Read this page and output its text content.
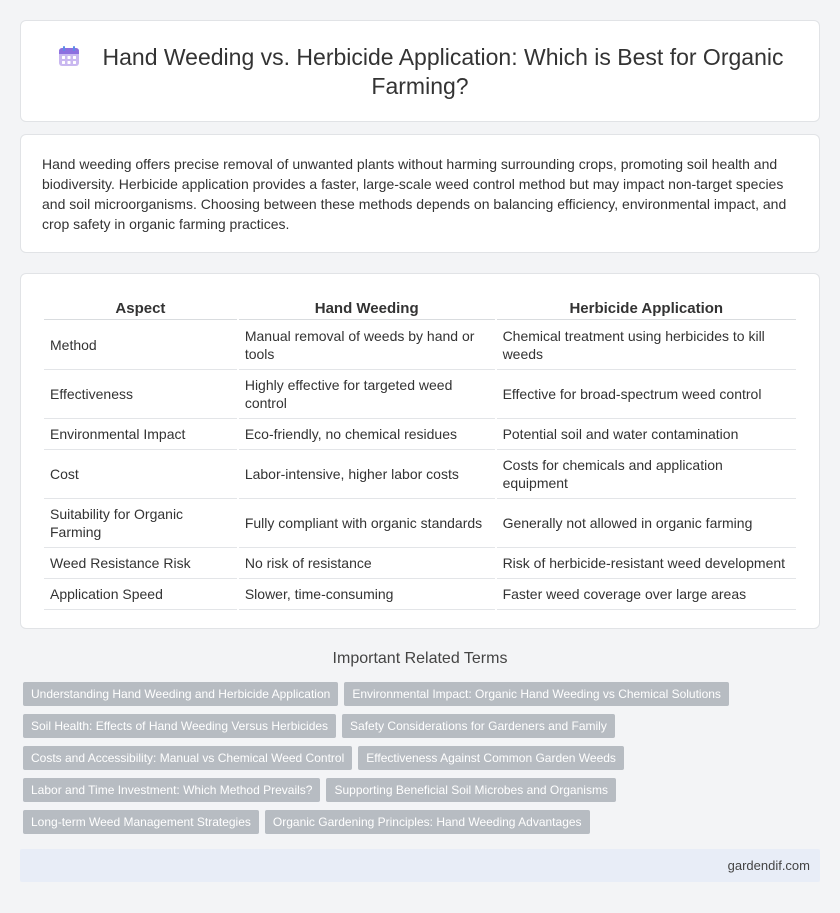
Hand Weeding vs. Herbicide Application: Which is Best for Organic Farming?

Hand weeding offers precise removal of unwanted plants without harming surrounding crops, promoting soil health and biodiversity. Herbicide application provides a faster, large-scale weed control method but may impact non-target species and soil microorganisms. Choosing between these methods depends on balancing efficiency, environmental impact, and crop safety in organic farming practices.

Aspect	Hand Weeding	Herbicide Application
Method	Manual removal of weeds by hand or tools	Chemical treatment using herbicides to kill weeds
Effectiveness	Highly effective for targeted weed control	Effective for broad-spectrum weed control
Environmental Impact	Eco-friendly, no chemical residues	Potential soil and water contamination
Cost	Labor-intensive, higher labor costs	Costs for chemicals and application equipment
Suitability for Organic Farming	Fully compliant with organic standards	Generally not allowed in organic farming
Weed Resistance Risk	No risk of resistance	Risk of herbicide-resistant weed development
Application Speed	Slower, time-consuming	Faster weed coverage over large areas
Important Related Terms
Understanding Hand Weeding and Herbicide Application Environmental Impact: Organic Hand Weeding vs Chemical Solutions
Soil Health: Effects of Hand Weeding Versus Herbicides Safety Considerations for Gardeners and Family
Costs and Accessibility: Manual vs Chemical Weed Control Effectiveness Against Common Garden Weeds
Labor and Time Investment: Which Method Prevails? Supporting Beneficial Soil Microbes and Organisms
Long-term Weed Management Strategies Organic Gardening Principles: Hand Weeding Advantages
gardendif.com
